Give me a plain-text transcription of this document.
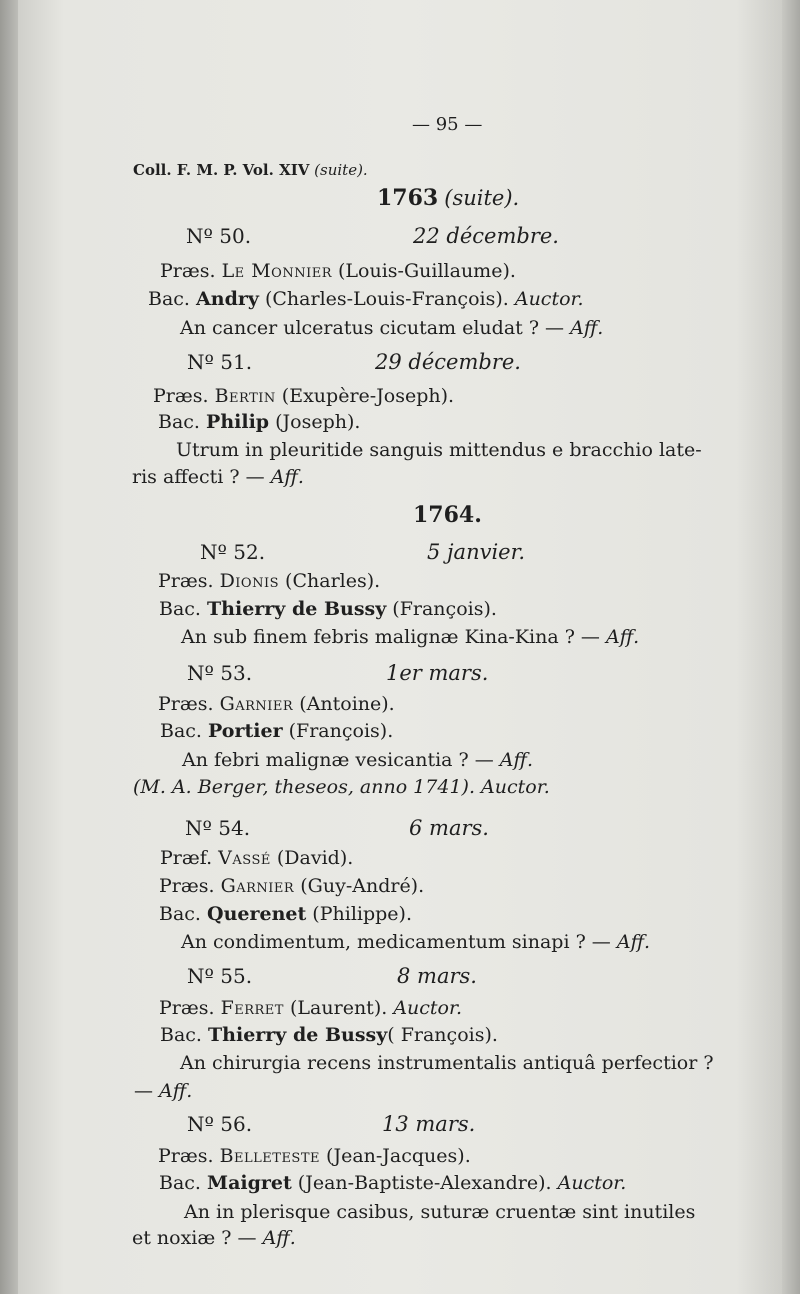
— 95 —
Coll. F. M. P. Vol. XIV (suite).
1763 (suite).
Nº 50.	22 décembre.
Præs. Le Monnier (Louis-Guillaume).
Bac. Andry (Charles-Louis-François). Auctor.
An cancer ulceratus cicutam eludat ? — Aff.
Nº 51.	29 décembre.
Præs. Bertin (Exupère-Joseph).
Bac. Philip (Joseph).
Utrum in pleuritide sanguis mittendus e bracchio late-
ris affecti ? — Aff.
1764.
Nº 52.	5 janvier.
Præs. Dionis (Charles).
Bac. Thierry de Bussy (François).
An sub finem febris malignæ Kina-Kina ? — Aff.
Nº 53.	1er mars.
Præs. Garnier (Antoine).
Bac. Portier (François).
An febri malignæ vesicantia ? — Aff.
(M. A. Berger, theseos, anno 1741). Auctor.
Nº 54.	6 mars.
Præf. Vassé (David).
Præs. Garnier (Guy-André).
Bac. Querenet (Philippe).
An condimentum, medicamentum sinapi ? — Aff.
Nº 55.	8 mars.
Præs. Ferret (Laurent). Auctor.
Bac. Thierry de Bussy( François).
An chirurgia recens instrumentalis antiquâ perfectior ?
— Aff.
Nº 56.	13 mars.
Præs. Belleteste (Jean-Jacques).
Bac. Maigret (Jean-Baptiste-Alexandre). Auctor.
An in plerisque casibus, suturæ cruentæ sint inutiles
et noxiæ ? — Aff.
